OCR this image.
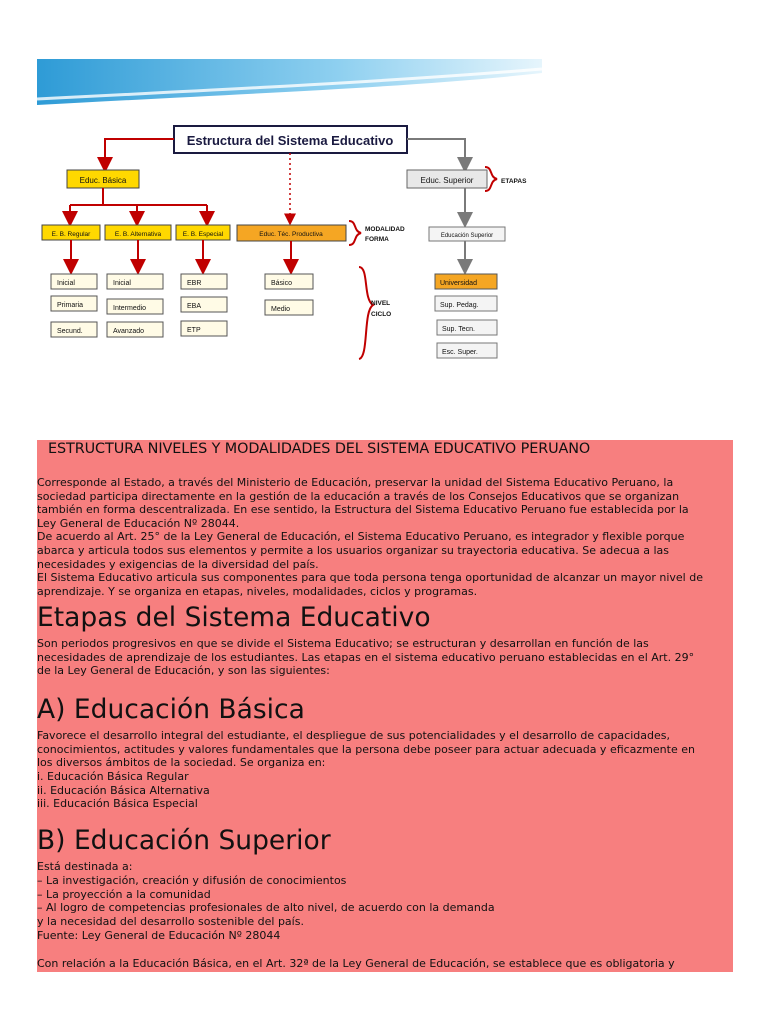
Estructura del Sistema Educativo
Educ. Básica	Educ. Superior	ETAPAS
E. B. Regular	E. B. Alternativa	E. B. Especial	Educ. Téc. Productiva
MODALIDAD
FORMA	Educación Superior
Inicial
Primaria
Secund.
Inicial
Intermedio
Avanzado
EBR
EBA
ETP
Básico
Medio
NIVEL
CICLO
Universidad
Sup. Pedag.
Sup. Tecn.
Esc. Super.
ESTRUCTURA NIVELES Y MODALIDADES DEL SISTEMA EDUCATIVO PERUANO
Corresponde al Estado, a través del Ministerio de Educación, preservar la unidad del Sistema Educativo Peruano, la
sociedad participa directamente en la gestión de la educación a través de los Consejos Educativos que se organizan
también en forma descentralizada. En ese sentido, la Estructura del Sistema Educativo Peruano fue establecida por la
Ley General de Educación Nº 28044.
De acuerdo al Art. 25° de la Ley General de Educación, el Sistema Educativo Peruano, es integrador y flexible porque
abarca y articula todos sus elementos y permite a los usuarios organizar su trayectoria educativa. Se adecua a las
necesidades y exigencias de la diversidad del país.
El Sistema Educativo articula sus componentes para que toda persona tenga oportunidad de alcanzar un mayor nivel de
aprendizaje. Y se organiza en etapas, niveles, modalidades, ciclos y programas.
Etapas del Sistema Educativo
Son periodos progresivos en que se divide el Sistema Educativo; se estructuran y desarrollan en función de las
necesidades de aprendizaje de los estudiantes. Las etapas en el sistema educativo peruano establecidas en el Art. 29°
de la Ley General de Educación, y son las siguientes:
A) Educación Básica
Favorece el desarrollo integral del estudiante, el despliegue de sus potencialidades y el desarrollo de capacidades,
conocimientos, actitudes y valores fundamentales que la persona debe poseer para actuar adecuada y eficazmente en
los diversos ámbitos de la sociedad. Se organiza en:
i. Educación Básica Regular
ii. Educación Básica Alternativa
iii. Educación Básica Especial
B) Educación Superior
Está destinada a:
– La investigación, creación y difusión de conocimientos
– La proyección a la comunidad
– Al logro de competencias profesionales de alto nivel, de acuerdo con la demanda
y la necesidad del desarrollo sostenible del país.
Fuente: Ley General de Educación Nº 28044
Con relación a la Educación Básica, en el Art. 32ª de la Ley General de Educación, se establece que es obligatoria y
